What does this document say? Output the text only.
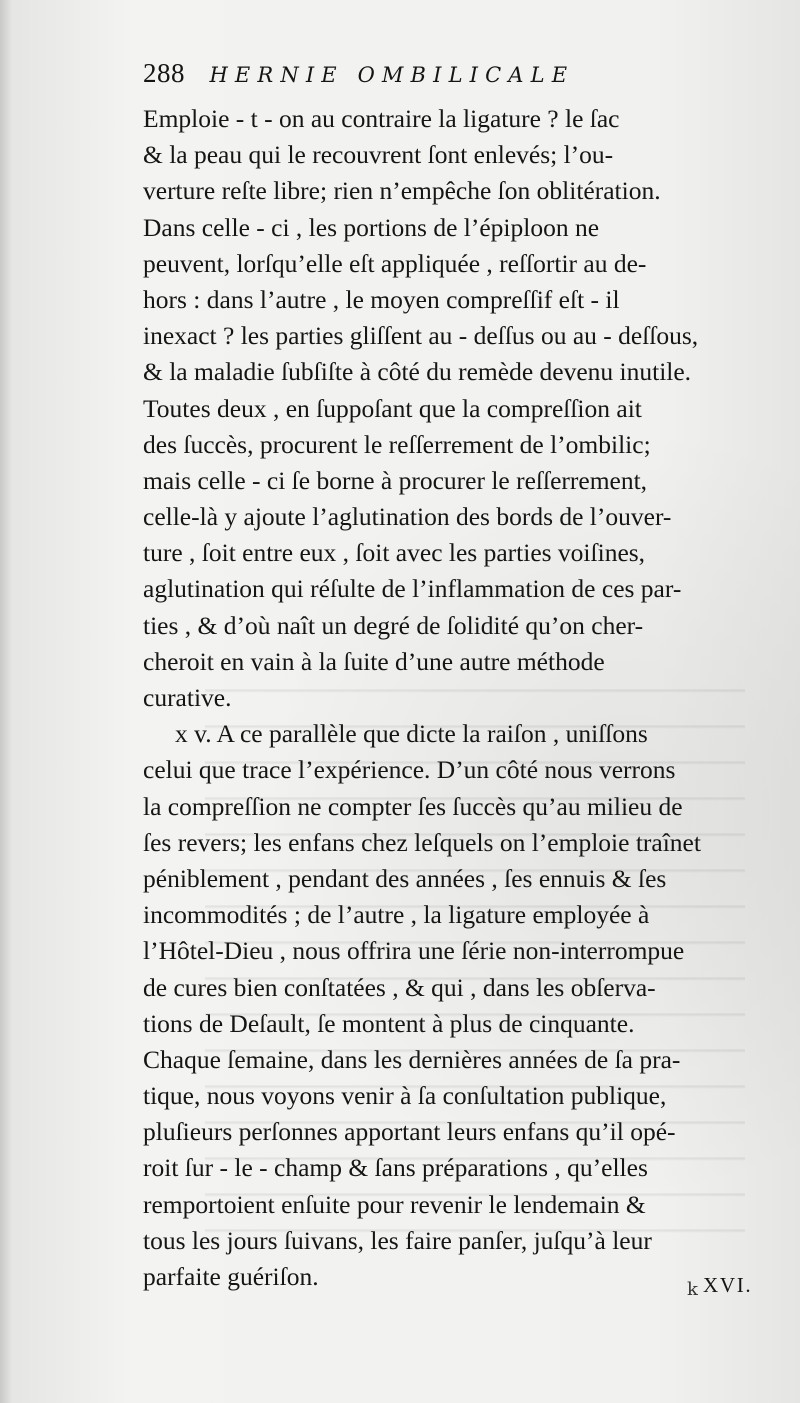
288 HERNIE OMBILICALE
Emploie - t - on au contraire la ligature ? le ſac
& la peau qui le recouvrent ſont enlevés; l’ou-
verture reſte libre; rien n’empêche ſon oblitération.
Dans celle - ci , les portions de l’épiploon ne
peuvent, lorſqu’elle eſt appliquée , reſſortir au de-
hors : dans l’autre , le moyen compreſſif eſt - il
inexact ? les parties gliſſent au - deſſus ou au - deſſous,
& la maladie ſubſiſte à côté du remède devenu inutile.
Toutes deux , en ſuppoſant que la compreſſion ait
des ſuccès, procurent le reſſerrement de l’ombilic;
mais celle - ci ſe borne à procurer le reſſerrement,
celle-là y ajoute l’aglutination des bords de l’ouver-
ture , ſoit entre eux , ſoit avec les parties voiſines,
aglutination qui réſulte de l’inflammation de ces par-
ties , & d’où naît un degré de ſolidité qu’on cher-
cheroit en vain à la ſuite d’une autre méthode
curative.
x v. A ce parallèle que dicte la raiſon , uniſſons
celui que trace l’expérience. D’un côté nous verrons
la compreſſion ne compter ſes ſuccès qu’au milieu de
ſes revers; les enfans chez leſquels on l’emploie traînet
péniblement , pendant des années , ſes ennuis & ſes
incommodités ; de l’autre , la ligature employée à
l’Hôtel-Dieu , nous offrira une ſérie non-interrompue
de cures bien conſtatées , & qui , dans les obſerva-
tions de Deſault, ſe montent à plus de cinquante.
Chaque ſemaine, dans les dernières années de ſa pra-
tique, nous voyons venir à ſa conſultation publique,
pluſieurs perſonnes apportant leurs enfans qu’il opé-
roit ſur - le - champ & ſans préparations , qu’elles
remportoient enſuite pour revenir le lendemain &
tous les jours ſuivans, les faire panſer, juſqu’à leur
parfaite guériſon.	k XVI.
